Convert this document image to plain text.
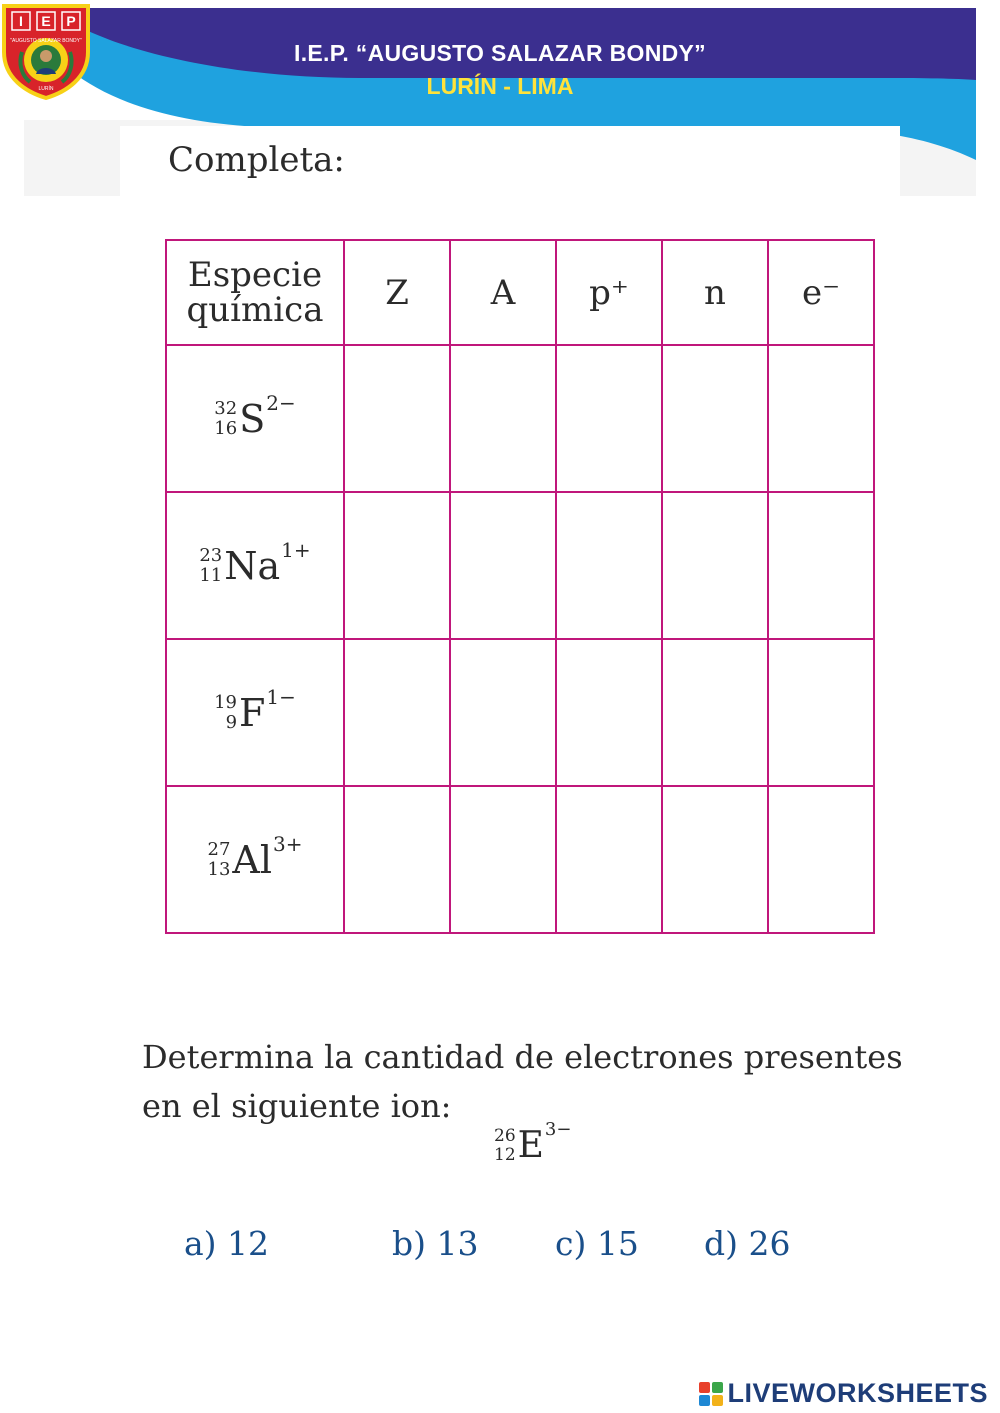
I.E.P. “AUGUSTO SALAZAR BONDY”
LURÍN - LIMA
I E P
"AUGUSTO SALAZAR BONDY"
LURÍN
Completa:
Especie
química	Z	A	p⁺	n	e⁻

32
16 S 2−					

23
11 Na 1+					

19
9 F 1−					

27
13 Al 3+					

Determina la cantidad de electrones presentes en el siguiente ion:
26
12 E 3−
a) 12	b) 13 c) 15 d) 26
LIVEWORKSHEETS
